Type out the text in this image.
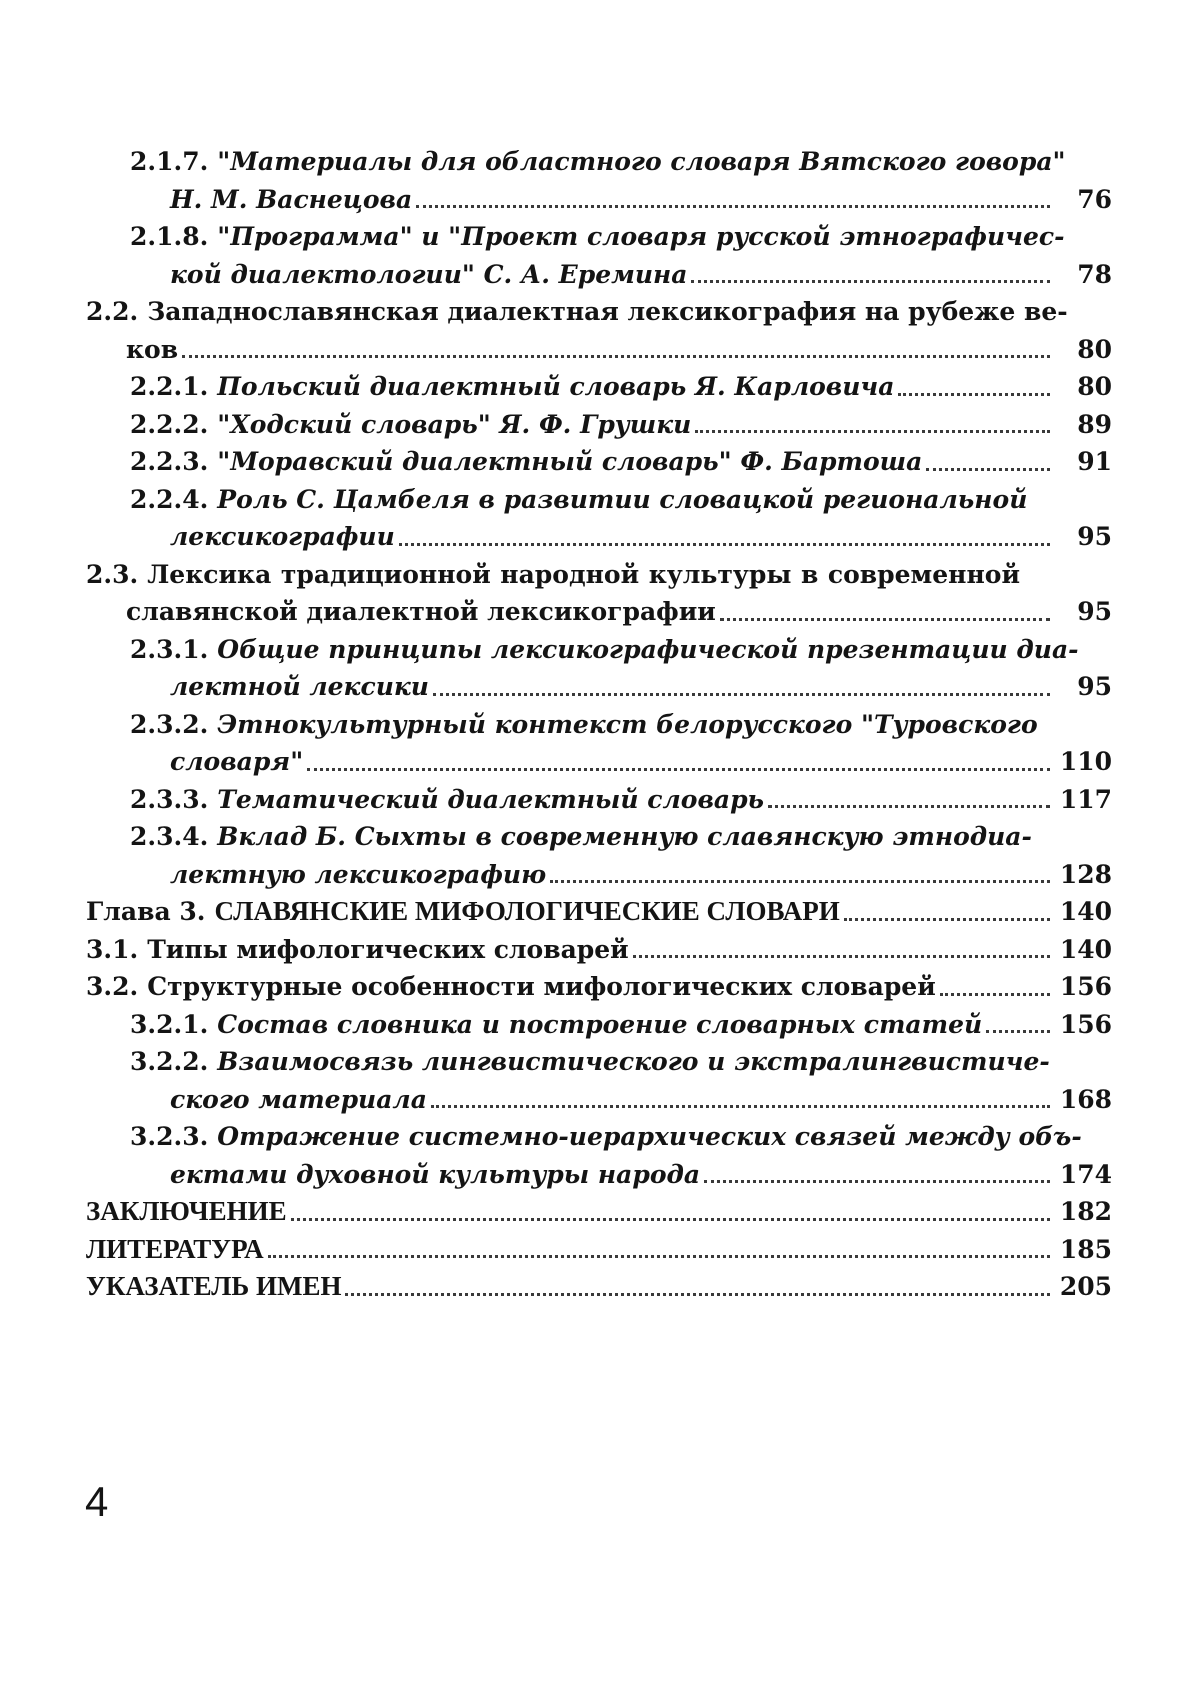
2.1.7. "Материалы для областного словаря Вятского говора"
Н. М. Васнецова	76
2.1.8. "Программа" и "Проект словаря русской этнографичес-
кой диалектологии" С. А. Еремина	78
2.2. Западнославянская диалектная лексикография на рубеже ве-
ков	80
2.2.1. Польский диалектный словарь Я. Карловича	80
2.2.2. "Ходский словарь" Я. Ф. Грушки	89
2.2.3. "Моравский диалектный словарь" Ф. Бартоша	91
2.2.4. Роль С. Цамбеля в развитии словацкой региональной
лексикографии	95
2.3. Лексика традиционной народной культуры в современной
славянской диалектной лексикографии	95
2.3.1. Общие принципы лексикографической презентации диа-
лектной лексики	95
2.3.2. Этнокультурный контекст белорусского "Туровского
словаря"	110
2.3.3. Тематический диалектный словарь	117
2.3.4. Вклад Б. Сыхты в современную славянскую этнодиа-
лектную лексикографию	128
Глава 3. СЛАВЯНСКИЕ МИФОЛОГИЧЕСКИЕ СЛОВАРИ	140
3.1. Типы мифологических словарей	140
3.2. Структурные особенности мифологических словарей	156
3.2.1. Состав словника и построение словарных статей	156
3.2.2. Взаимосвязь лингвистического и экстралингвистиче-
ского материала	168
3.2.3. Отражение системно-иерархических связей между объ-
ектами духовной культуры народа	174
ЗАКЛЮЧЕНИЕ	182
ЛИТЕРАТУРА	185
УКАЗАТЕЛЬ ИМЕН	205
4
